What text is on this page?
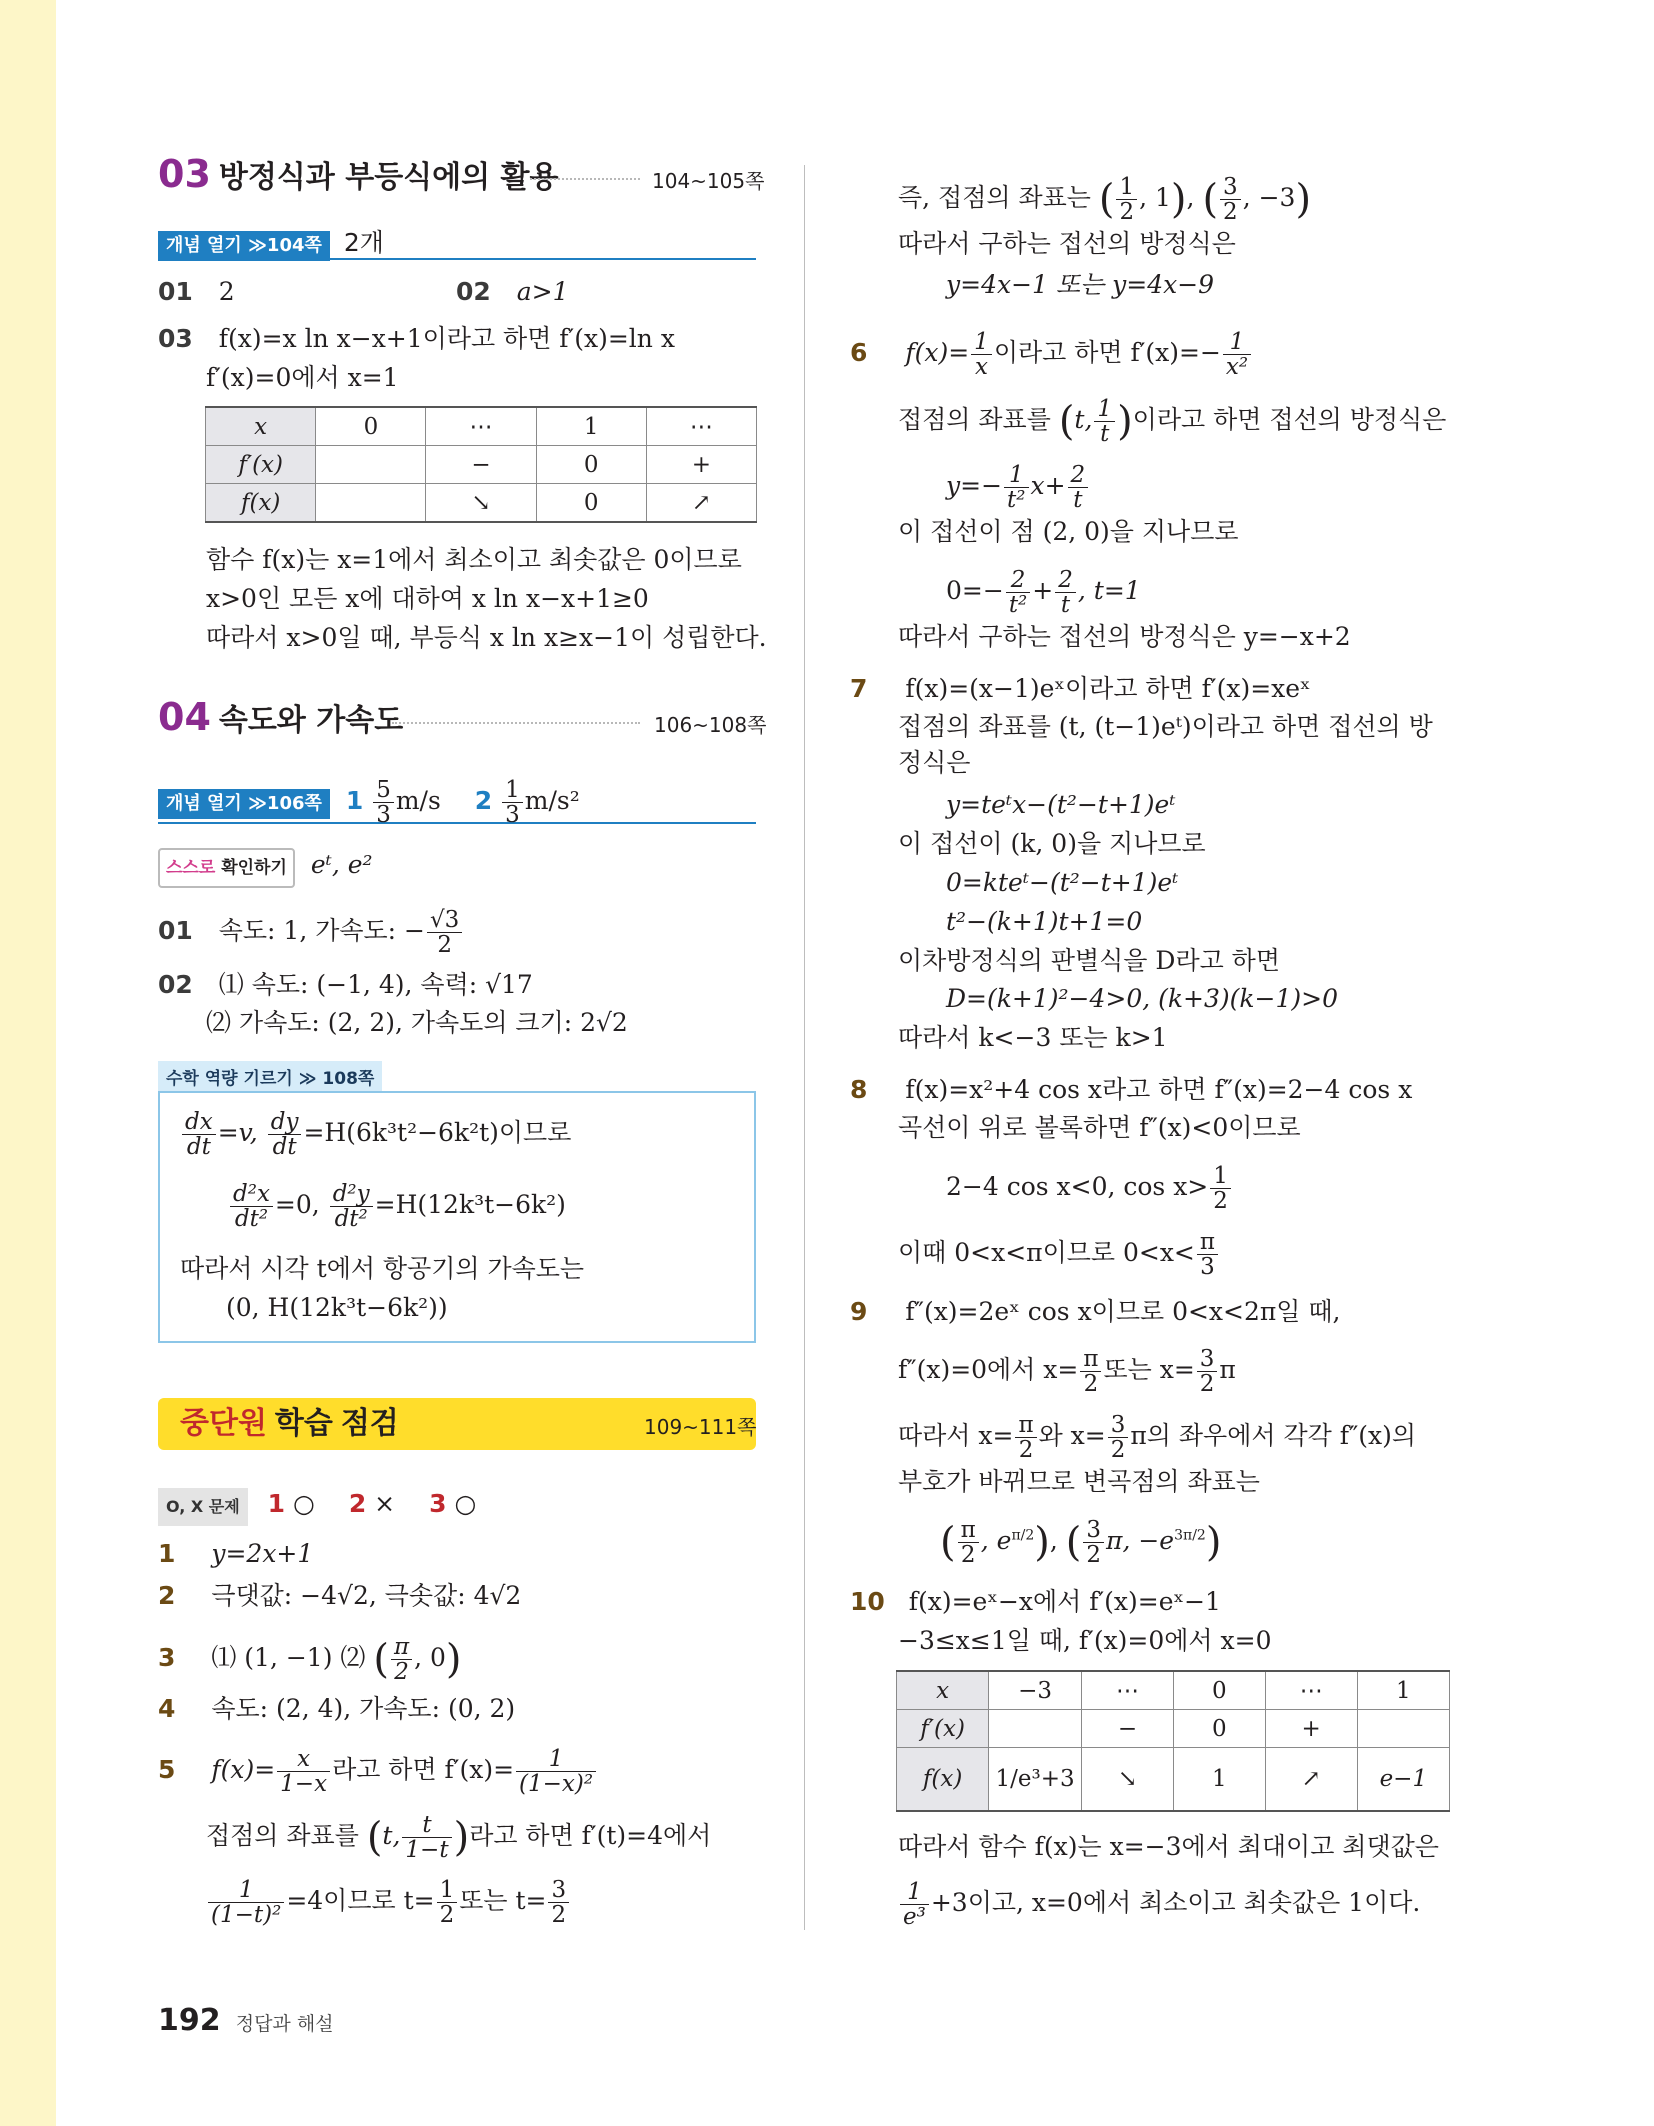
03 방정식과 부등식에의 활용	104~105쪽
개념 열기 ≫104쪽 2개
01 2	02 a>1
03 f(x)=x ln x−x+1이라고 하면 f′(x)=ln x
f′(x)=0에서 x=1
x	0	⋯	1	⋯
f′(x)		−	0	+
f(x)		↘	0	↗
함수 f(x)는 x=1에서 최소이고 최솟값은 0이므로
x>0인 모든 x에 대하여 x ln x−x+1≥0
따라서 x>0일 때, 부등식 x ln x≥x−1이 성립한다.
04 속도와 가속도	106~108쪽
개념 열기 ≫106쪽 $1 \frac{5}{3} m/s$ $2 \frac{1}{3} m/s^2$
스스로 확인하기 eᵗ, e²
01 속도: 1, 가속도: − $\frac{√3}{2}$
02 ⑴ 속도: (−1, 4), 속력: √17
⑵ 가속도: (2, 2), 가속도의 크기: 2√2
수학 역량 기르기 ≫ 108쪽
$\frac{dx}{dt} =v$, $\frac{dy}{dt} =H(6k^3t^2-6k^2t)$이므로
$\frac{\text{d²x}}{\text{dt²}} =0$, $\frac{\text{d²y}}{\text{dt²}} =H(12k^3t-6k^2)$
따라서 시각 t에서 항공기의 가속도는
(0, H(12k³t−6k²))
중단원 학습 점검	109~111쪽
O, X 문제 1 ○ 2 × 3 ○
1 y=2x+1
2 극댓값: −4√2, 극솟값: 4√2
3 ⑴ (1, −1) ⑵ ( $\frac{\pi}{2}$ , 0)
4 속도: (2, 4), 가속도: (0, 2)
5 $f(x)= \frac{x}{1-x}$ 라고 하면 $f'(x)= \frac{1}{\text{(1−x)²}}$
접점의 좌표를 (t, $\frac{t}{1-t}$ )라고 하면 f′(t)=4에서
$\frac{1}{\text{(1−t)²}} =4$이므로 $t= \frac{1}{2}$ 또는 $t= \frac{3}{2}$
즉, 접점의 좌표는 ( $\frac{1}{2}$ , 1), ( $\frac{3}{2}$ , −3)
따라서 구하는 접선의 방정식은
y=4x−1 또는 y=4x−9
6 $f(x)= \frac{1}{x}$ 이라고 하면 $f'(x)=- \frac{1}{\text{x²}}$
접점의 좌표를 (t, $\frac{1}{t}$ )이라고 하면 접선의 방정식은
$y=- \frac{1}{\text{t²}} x+ \frac{2}{t}$
이 접선이 점 (2, 0)을 지나므로
$0=- \frac{2}{\text{t²}} + \frac{2}{t}$ , t=1
따라서 구하는 접선의 방정식은 y=−x+2
7 f(x)=(x−1)eˣ이라고 하면 f′(x)=xeˣ
접점의 좌표를 (t, (t−1)eᵗ)이라고 하면 접선의 방
정식은
y=teᵗx−(t²−t+1)eᵗ
이 접선이 (k, 0)을 지나므로
0=kteᵗ−(t²−t+1)eᵗ
t²−(k+1)t+1=0
이차방정식의 판별식을 D라고 하면
D=(k+1)²−4>0, (k+3)(k−1)>0
따라서 k<−3 또는 k>1
8 f(x)=x²+4 cos x라고 하면 f″(x)=2−4 cos x
곡선이 위로 볼록하면 f″(x)<0이므로
2−4 cos x<0, $\cos x> \frac{1}{2}$
이때 0<x<π이므로 $0<x< \frac{\pi}{3}$
9 f″(x)=2eˣ cos x이므로 0<x<2π일 때,
f″(x)=0에서 $x= \frac{\pi}{2}$ 또는 $x= \frac{3}{2}$ π
따라서 $x= \frac{\pi}{2}$ 와 $x= \frac{3}{2}$ π의 좌우에서 각각 f″(x)의
부호가 바뀌므로 변곡점의 좌표는
( $\frac{\pi}{2}$ , $e^{\pi/2}$), ( $\frac{3}{2} \pi$, $-e^{3\pi/2}$)
10 f(x)=eˣ−x에서 f′(x)=eˣ−1
−3≤x≤1일 때, f′(x)=0에서 x=0
x	−3	⋯	0	⋯	1
f′(x)		−	0	+	
f(x)	1/e³+3	↘	1	↗	e−1
따라서 함수 f(x)는 x=−3에서 최대이고 최댓값은
$\frac{1}{\text{e³}} +3$이고, x=0에서 최소이고 최솟값은 1이다.
192 정답과 해설
